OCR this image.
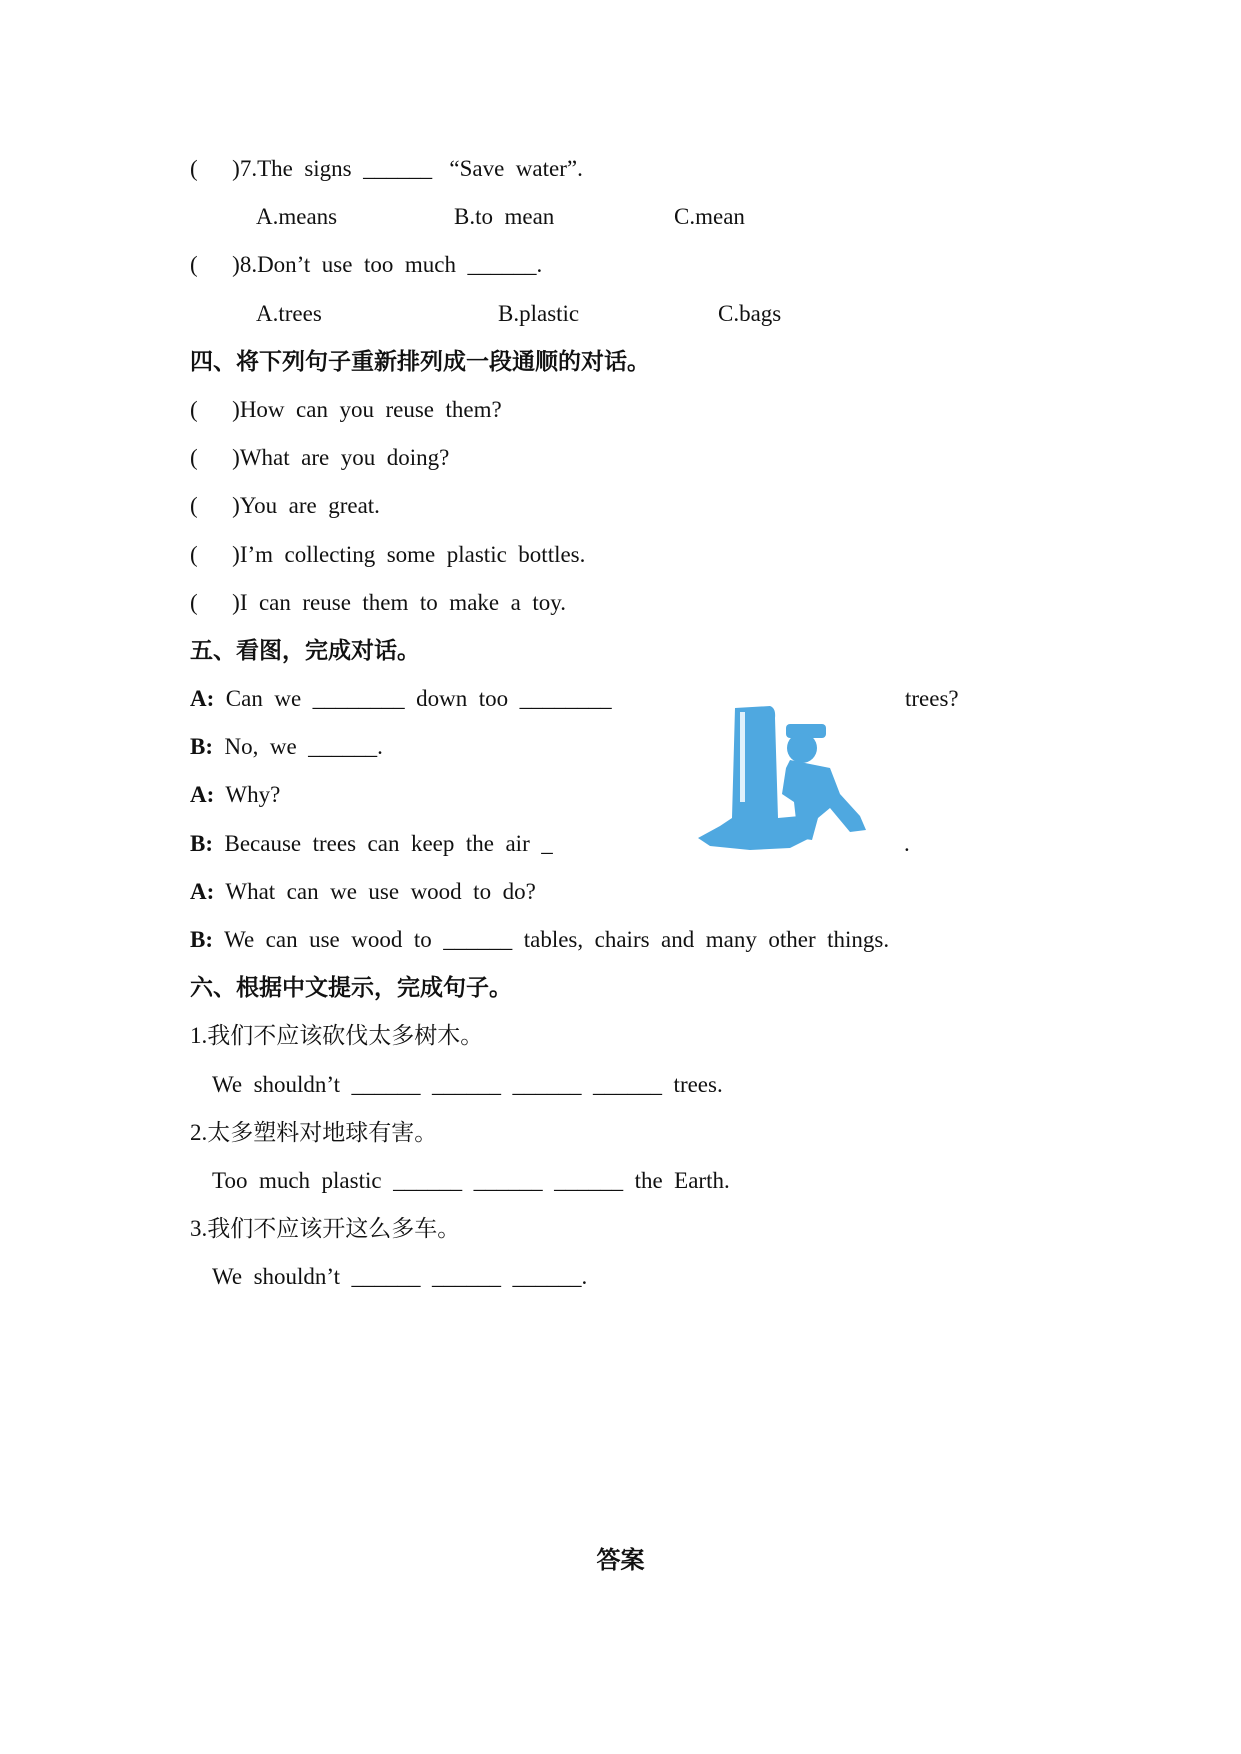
(      )7.The  signs  ______   “Save  water”.

A.means

	B.to  mean

	C.mean

(      )8.Don’t  use  too  much  ______.

A.trees

	B.plastic

	C.bags

四、将下列句子重新排列成一段通顺的对话。
(      )How  can  you  reuse  them?
(      )What  are  you  doing?
(      )You  are  great.
(      )I’m  collecting  some  plastic  bottles.
(      )I  can  reuse  them  to  make  a  toy.
五、看图，完成对话。
A:  Can  we  ________  down  too  ________	trees?
B:  No,  we  ______.
A:  Why?
B:  Because  trees  can  keep  the  air  _	.
A:  What  can  we  use  wood  to  do?
B:  We  can  use  wood  to  ______  tables,  chairs  and  many  other  things.
六、根据中文提示，完成句子。
1.我们不应该砍伐太多树木。
We  shouldn’t  ______  ______  ______  ______  trees.
2.太多塑料对地球有害。
Too  much  plastic  ______  ______  ______  the  Earth.
3.我们不应该开这么多车。
We  shouldn’t  ______  ______  ______.
答案
